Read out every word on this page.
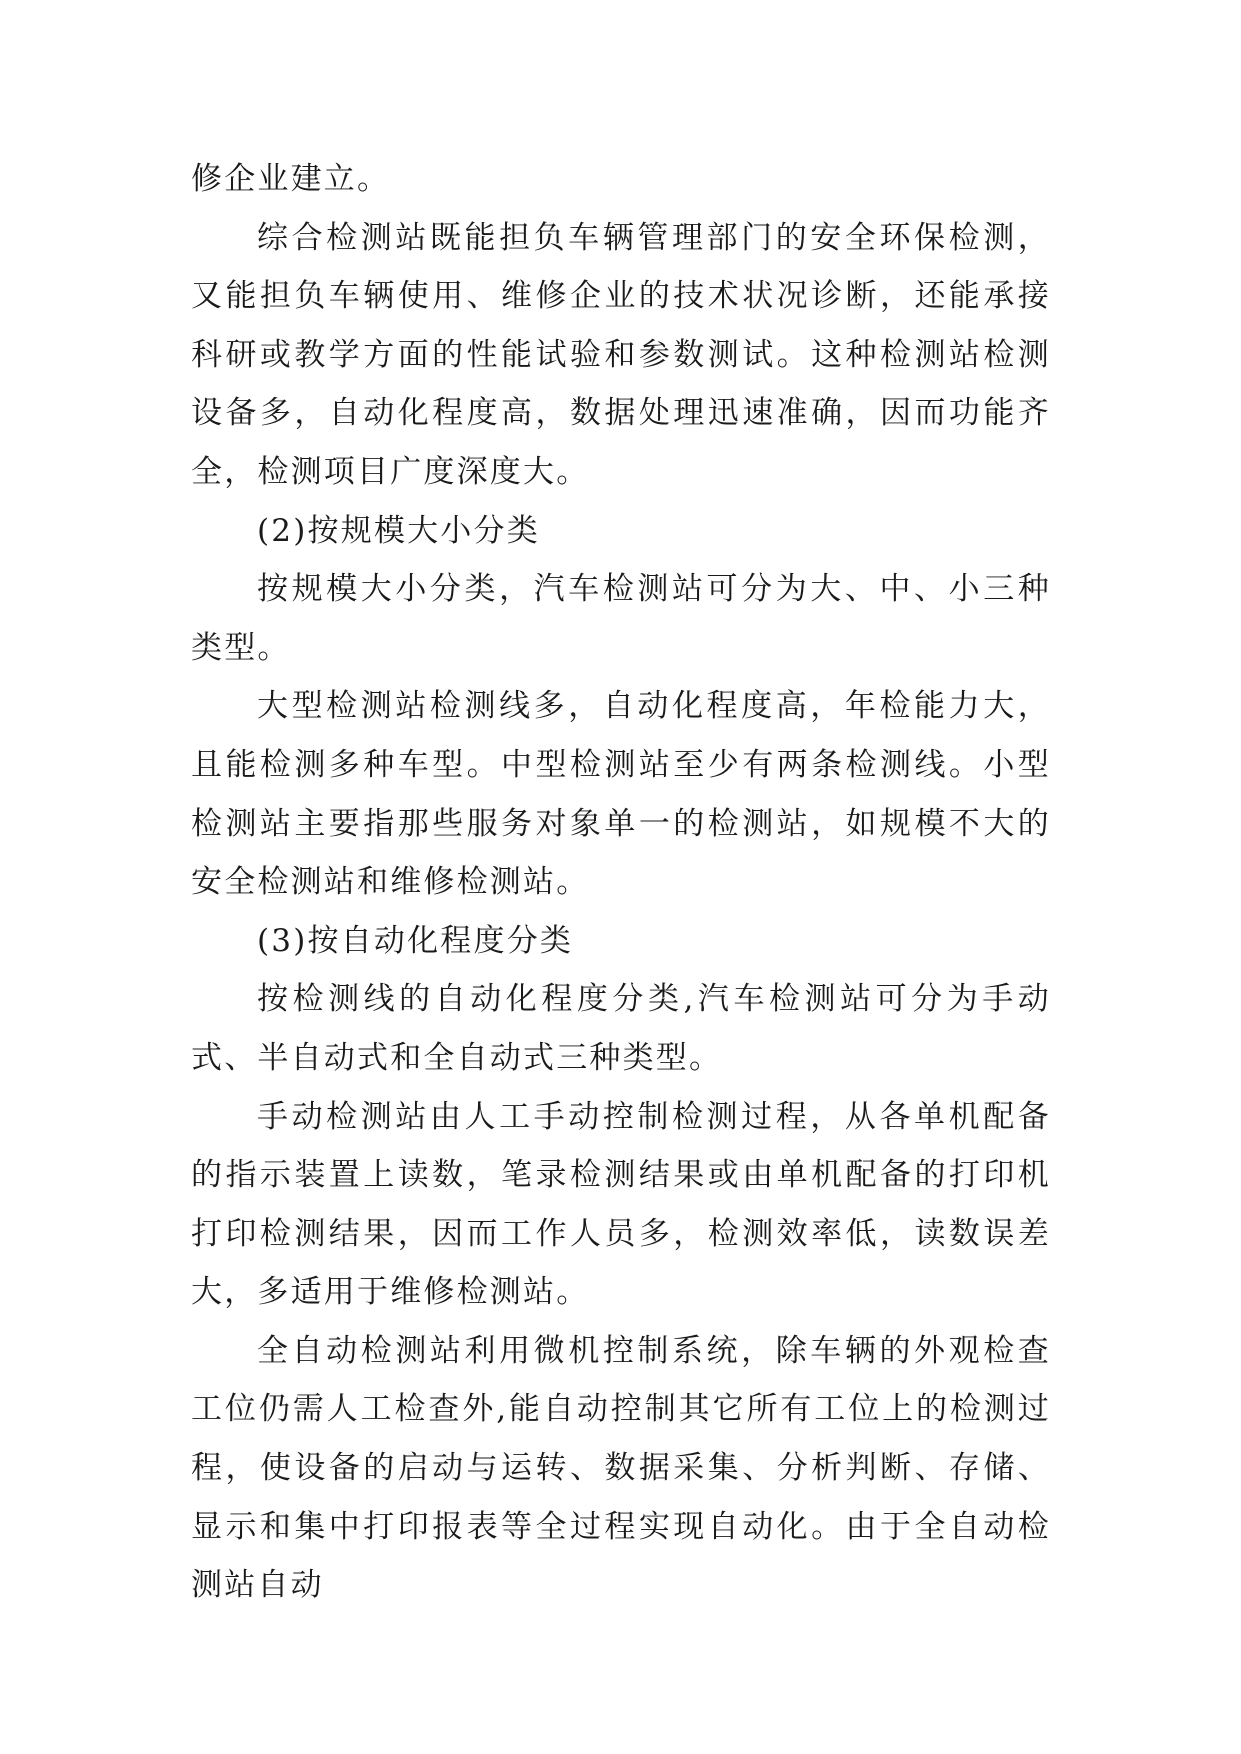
修企业建立。

综合检测站既能担负车辆管理部门的安全环保检测，又能担负车辆使用、维修企业的技术状况诊断，还能承接科研或教学方面的性能试验和参数测试。这种检测站检测设备多，自动化程度高，数据处理迅速准确，因而功能齐全，检测项目广度深度大。

(2)按规模大小分类

按规模大小分类，汽车检测站可分为大、中、小三种类型。

大型检测站检测线多，自动化程度高，年检能力大，且能检测多种车型。中型检测站至少有两条检测线。小型检测站主要指那些服务对象单一的检测站，如规模不大的安全检测站和维修检测站。

(3)按自动化程度分类

按检测线的自动化程度分类,汽车检测站可分为手动式、半自动式和全自动式三种类型。

手动检测站由人工手动控制检测过程，从各单机配备的指示装置上读数，笔录检测结果或由单机配备的打印机打印检测结果，因而工作人员多，检测效率低，读数误差大，多适用于维修检测站。

全自动检测站利用微机控制系统，除车辆的外观检查工位仍需人工检查外,能自动控制其它所有工位上的检测过程，使设备的启动与运转、数据采集、分析判断、存储、显示和集中打印报表等全过程实现自动化。由于全自动检测站自动
